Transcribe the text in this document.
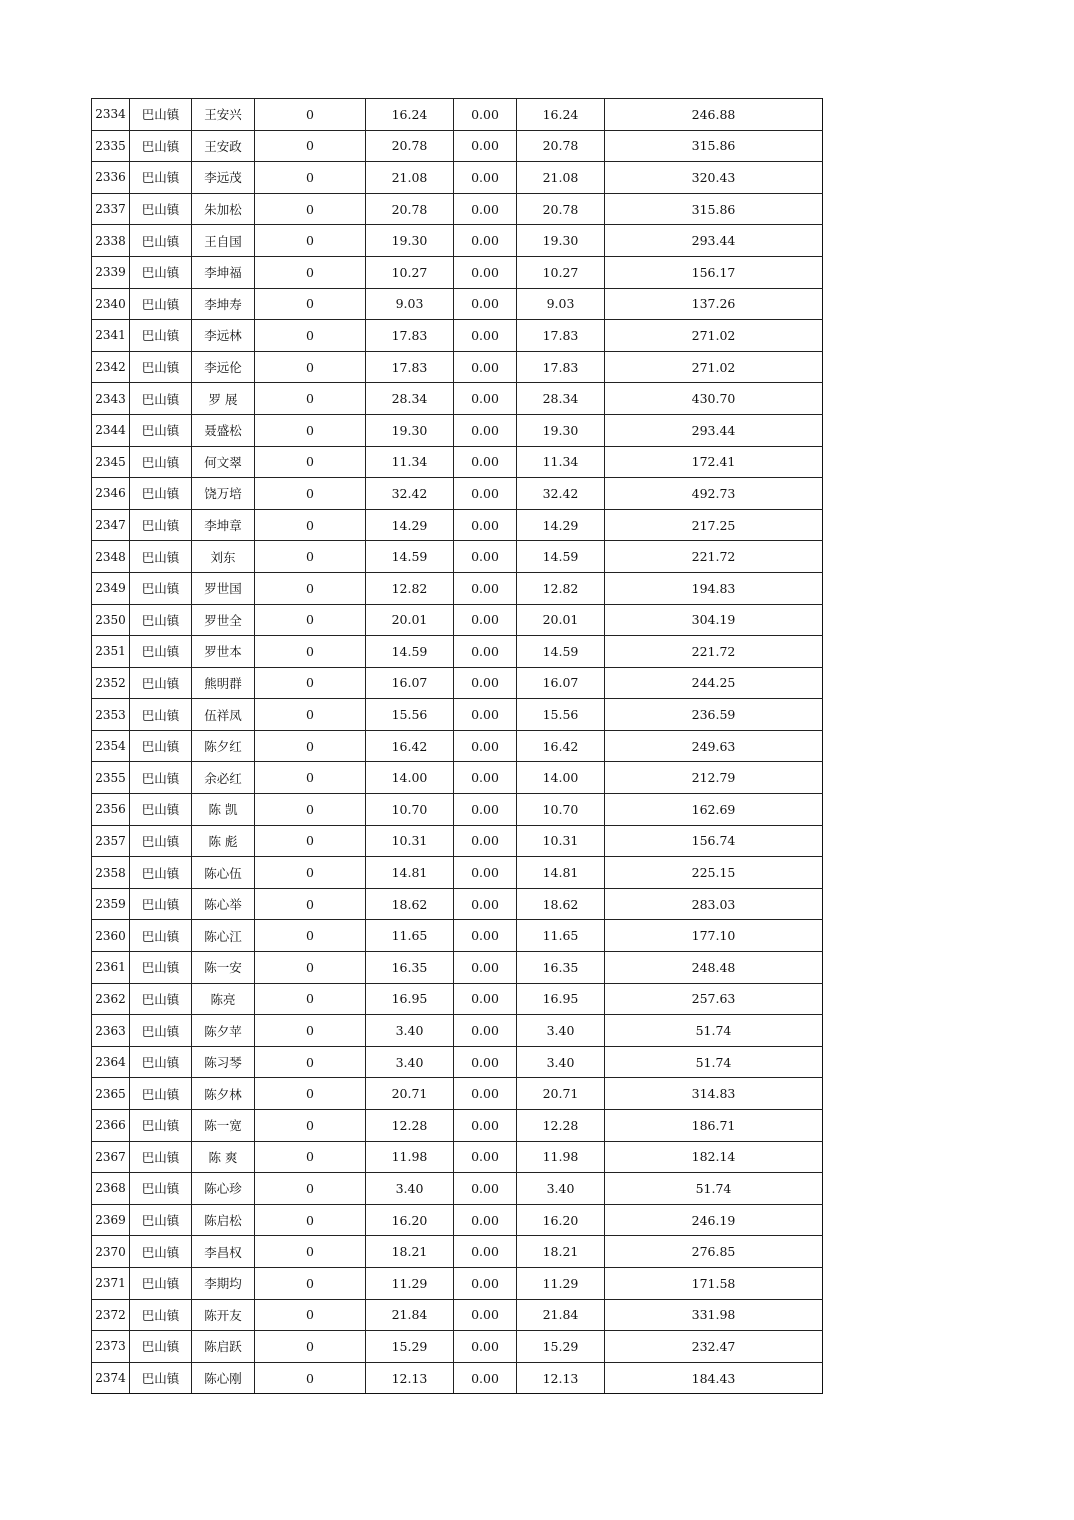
2334	巴山镇	王安兴	0	16.24	0.00	16.24	246.88
2335	巴山镇	王安政	0	20.78	0.00	20.78	315.86
2336	巴山镇	李远茂	0	21.08	0.00	21.08	320.43
2337	巴山镇	朱加松	0	20.78	0.00	20.78	315.86
2338	巴山镇	王自国	0	19.30	0.00	19.30	293.44
2339	巴山镇	李坤福	0	10.27	0.00	10.27	156.17
2340	巴山镇	李坤寿	0	9.03	0.00	9.03	137.26
2341	巴山镇	李远林	0	17.83	0.00	17.83	271.02
2342	巴山镇	李远伦	0	17.83	0.00	17.83	271.02
2343	巴山镇	罗 展	0	28.34	0.00	28.34	430.70
2344	巴山镇	聂盛松	0	19.30	0.00	19.30	293.44
2345	巴山镇	何文翠	0	11.34	0.00	11.34	172.41
2346	巴山镇	饶万培	0	32.42	0.00	32.42	492.73
2347	巴山镇	李坤章	0	14.29	0.00	14.29	217.25
2348	巴山镇	刘东	0	14.59	0.00	14.59	221.72
2349	巴山镇	罗世国	0	12.82	0.00	12.82	194.83
2350	巴山镇	罗世全	0	20.01	0.00	20.01	304.19
2351	巴山镇	罗世本	0	14.59	0.00	14.59	221.72
2352	巴山镇	熊明群	0	16.07	0.00	16.07	244.25
2353	巴山镇	伍祥凤	0	15.56	0.00	15.56	236.59
2354	巴山镇	陈夕红	0	16.42	0.00	16.42	249.63
2355	巴山镇	余必红	0	14.00	0.00	14.00	212.79
2356	巴山镇	陈 凯	0	10.70	0.00	10.70	162.69
2357	巴山镇	陈 彪	0	10.31	0.00	10.31	156.74
2358	巴山镇	陈心伍	0	14.81	0.00	14.81	225.15
2359	巴山镇	陈心举	0	18.62	0.00	18.62	283.03
2360	巴山镇	陈心江	0	11.65	0.00	11.65	177.10
2361	巴山镇	陈一安	0	16.35	0.00	16.35	248.48
2362	巴山镇	陈亮	0	16.95	0.00	16.95	257.63
2363	巴山镇	陈夕苹	0	3.40	0.00	3.40	51.74
2364	巴山镇	陈习琴	0	3.40	0.00	3.40	51.74
2365	巴山镇	陈夕林	0	20.71	0.00	20.71	314.83
2366	巴山镇	陈一宽	0	12.28	0.00	12.28	186.71
2367	巴山镇	陈 爽	0	11.98	0.00	11.98	182.14
2368	巴山镇	陈心珍	0	3.40	0.00	3.40	51.74
2369	巴山镇	陈启松	0	16.20	0.00	16.20	246.19
2370	巴山镇	李昌权	0	18.21	0.00	18.21	276.85
2371	巴山镇	李期均	0	11.29	0.00	11.29	171.58
2372	巴山镇	陈开友	0	21.84	0.00	21.84	331.98
2373	巴山镇	陈启跃	0	15.29	0.00	15.29	232.47
2374	巴山镇	陈心刚	0	12.13	0.00	12.13	184.43
